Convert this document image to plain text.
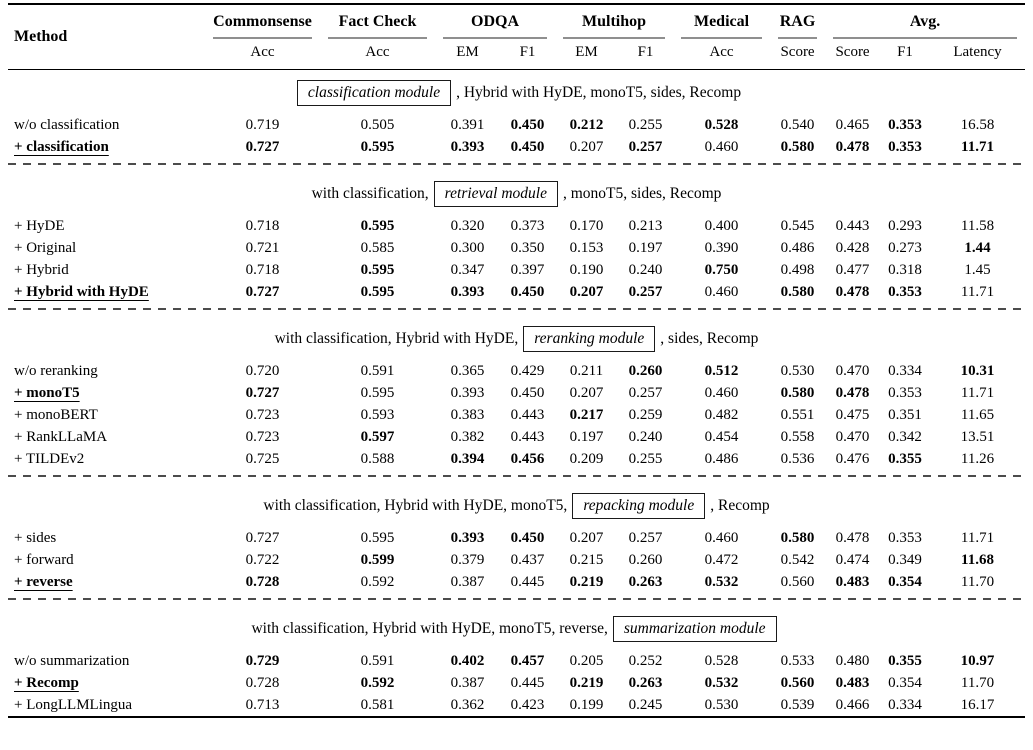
Method	Commonsense	Fact Check	ODQA		Multihop		Medical	RAG	Avg.		

	Acc	Acc	EM	F1	EM	F1	Acc	Score	Score	F1	Latency

classification module , Hybrid with HyDE, monoT5, sides, Recomp											

w/o classification	0.719	0.505	0.391	0.450	0.212	0.255	0.528	0.540	0.465	0.353	16.58
+ classification	0.727	0.595	0.393	0.450	0.207	0.257	0.460	0.580	0.478	0.353	11.71

with classification, retrieval module , monoT5, sides, Recomp											

+ HyDE	0.718	0.595	0.320	0.373	0.170	0.213	0.400	0.545	0.443	0.293	11.58
+ Original	0.721	0.585	0.300	0.350	0.153	0.197	0.390	0.486	0.428	0.273	1.44
+ Hybrid	0.718	0.595	0.347	0.397	0.190	0.240	0.750	0.498	0.477	0.318	1.45
+ Hybrid with HyDE	0.727	0.595	0.393	0.450	0.207	0.257	0.460	0.580	0.478	0.353	11.71

with classification, Hybrid with HyDE, reranking module , sides, Recomp											

w/o reranking	0.720	0.591	0.365	0.429	0.211	0.260	0.512	0.530	0.470	0.334	10.31
+ monoT5	0.727	0.595	0.393	0.450	0.207	0.257	0.460	0.580	0.478	0.353	11.71
+ monoBERT	0.723	0.593	0.383	0.443	0.217	0.259	0.482	0.551	0.475	0.351	11.65
+ RankLLaMA	0.723	0.597	0.382	0.443	0.197	0.240	0.454	0.558	0.470	0.342	13.51
+ TILDEv2	0.725	0.588	0.394	0.456	0.209	0.255	0.486	0.536	0.476	0.355	11.26

with classification, Hybrid with HyDE, monoT5, repacking module , Recomp											

+ sides	0.727	0.595	0.393	0.450	0.207	0.257	0.460	0.580	0.478	0.353	11.71
+ forward	0.722	0.599	0.379	0.437	0.215	0.260	0.472	0.542	0.474	0.349	11.68
+ reverse	0.728	0.592	0.387	0.445	0.219	0.263	0.532	0.560	0.483	0.354	11.70

with classification, Hybrid with HyDE, monoT5, reverse, summarization module											

w/o summarization	0.729	0.591	0.402	0.457	0.205	0.252	0.528	0.533	0.480	0.355	10.97
+ Recomp	0.728	0.592	0.387	0.445	0.219	0.263	0.532	0.560	0.483	0.354	11.70
+ LongLLMLingua	0.713	0.581	0.362	0.423	0.199	0.245	0.530	0.539	0.466	0.334	16.17
